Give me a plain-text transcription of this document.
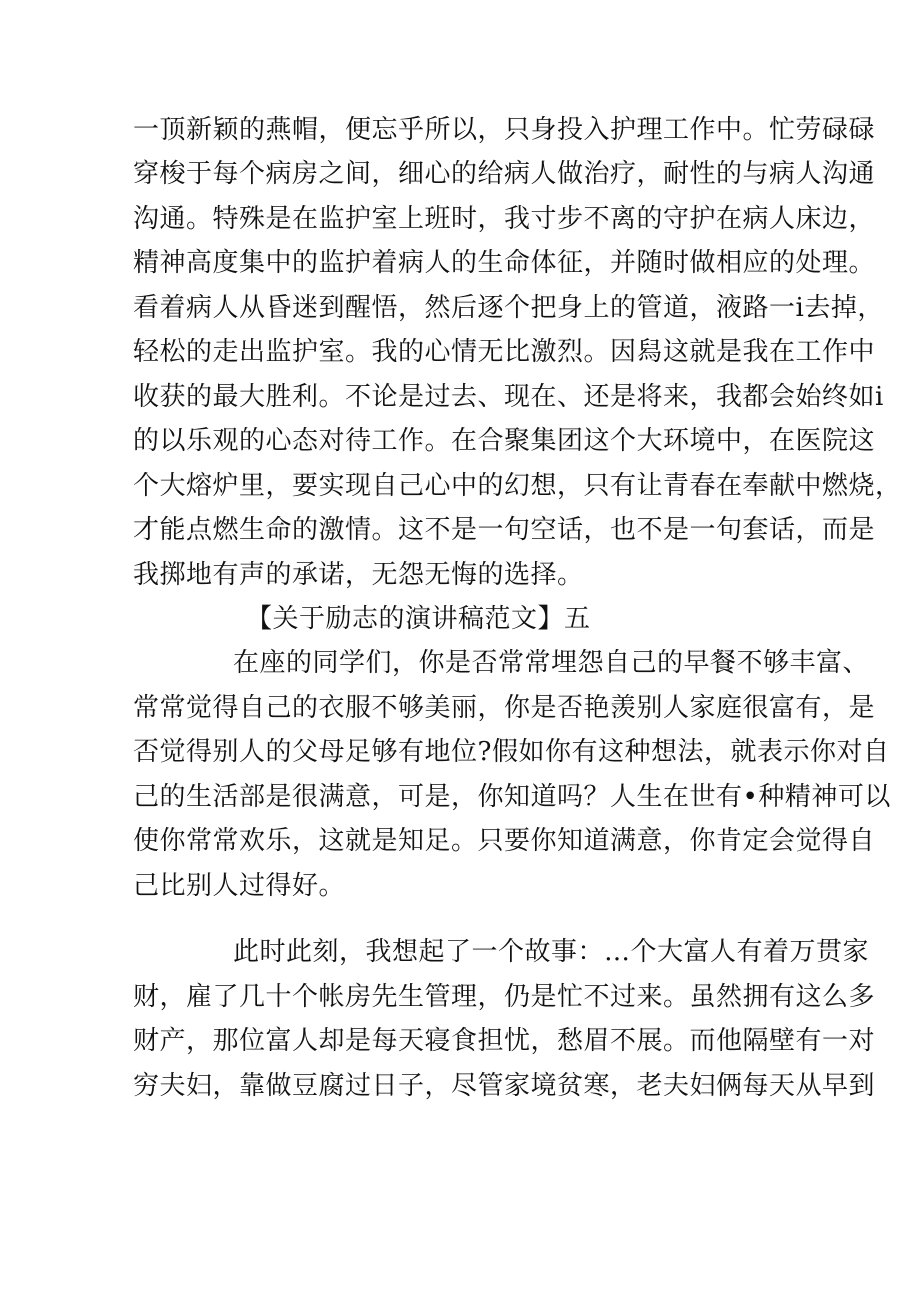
一顶新颖的燕帽，便忘乎所以，只身投入护理工作中。忙劳碌碌
穿梭于每个病房之间，细心的给病人做治疗，耐性的与病人沟通
沟通。特殊是在监护室上班时，我寸步不离的守护在病人床边，
精神高度集中的监护着病人的生命体征，并随时做相应的处理。
看着病人从昏迷到醒悟，然后逐个把身上的管道，液路一i去掉，
轻松的走出监护室。我的心情无比激烈。因舄这就是我在工作中
收获的最大胜利。不论是过去、现在、还是将来，我都会始终如i
的以乐观的心态对待工作。在合聚集团这个大环境中，在医院这
个大熔炉里，要实现自己心中的幻想，只有让青春在奉献中燃烧，
才能点燃生命的激情。这不是一句空话，也不是一句套话，而是
我掷地有声的承诺，无怨无悔的选择。
【关于励志的演讲稿范文】五
在座的同学们，你是否常常埋怨自己的早餐不够丰富、
常常觉得自己的衣服不够美丽，你是否艳羡别人家庭很富有，是
否觉得别人的父母足够有地位?假如你有这种想法，就表示你对自
己的生活部是很满意，可是，你知道吗？人生在世有•种精神可以
使你常常欢乐，这就是知足。只要你知道满意，你肯定会觉得自
己比别人过得好。
此时此刻，我想起了一个故事：…个大富人有着万贯家
财，雇了几十个帐房先生管理，仍是忙不过来。虽然拥有这么多
财产，那位富人却是每天寝食担忧，愁眉不展。而他隔壁有一对
穷夫妇，靠做豆腐过日子，尽管家境贫寒，老夫妇俩每天从早到
